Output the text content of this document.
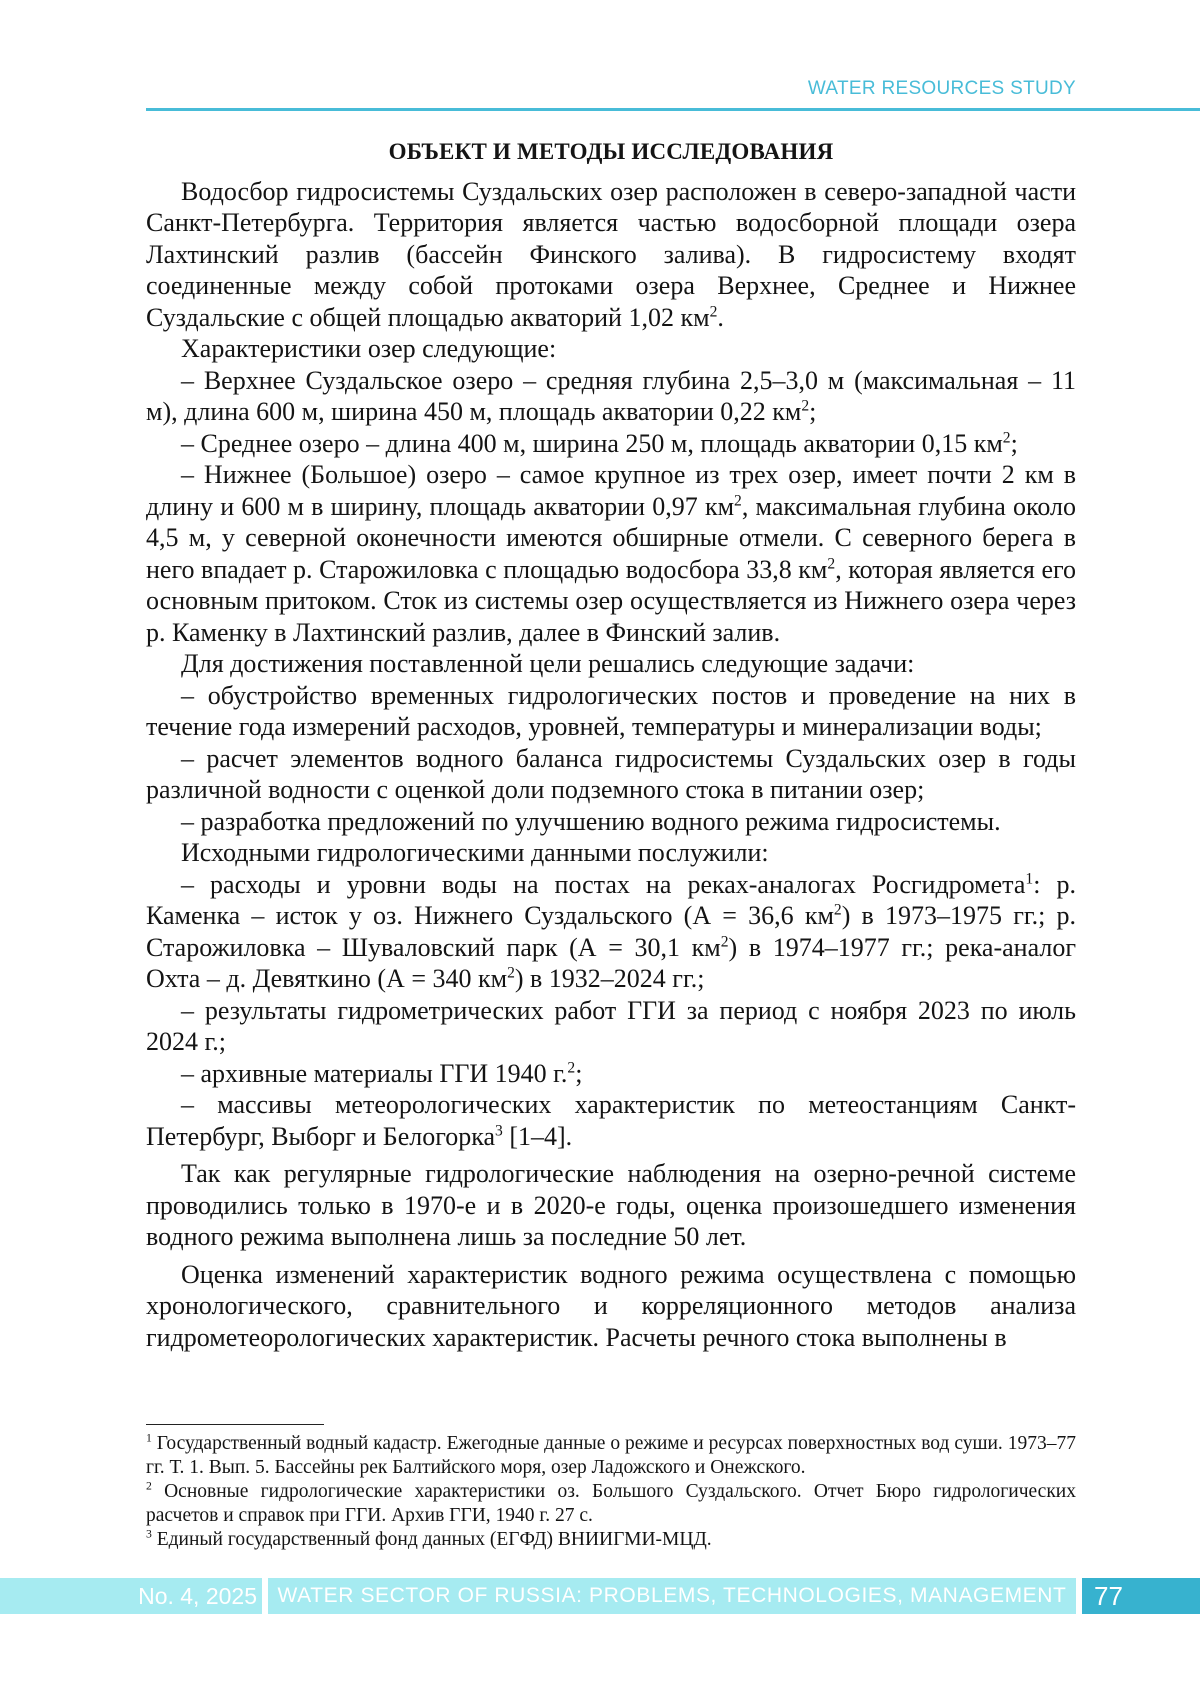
WATER RESOURCES STUDY
ОБЪЕКТ И МЕТОДЫ ИССЛЕДОВАНИЯ

Водосбор гидросистемы Суздальских озер расположен в северо-западной части Санкт-Петербурга. Территория является частью водосборной площади озера Лахтинский разлив (бассейн Финского залива). В гидросистему входят соединенные между собой протоками озера Верхнее, Среднее и Нижнее Суздальские с общей площадью акваторий 1,02 $км^2$.

Характеристики озер следующие:

– Верхнее Суздальское озеро – средняя глубина 2,5–3,0 м (максимальная – 11 м), длина 600 м, ширина 450 м, площадь акватории 0,22 $км^2$;

– Среднее озеро – длина 400 м, ширина 250 м, площадь акватории 0,15 $км^2$;

– Нижнее (Большое) озеро – самое крупное из трех озер, имеет почти 2 км в длину и 600 м в ширину, площадь акватории 0,97 $км^2$, максимальная глубина около 4,5 м, у северной оконечности имеются обширные отмели. С северного берега в него впадает р. Старожиловка с площадью водосбора 33,8 $км^2$, которая является его основным притоком. Сток из системы озер осуществляется из Нижнего озера через р. Каменку в Лахтинский разлив, далее в Финский залив.

Для достижения поставленной цели решались следующие задачи:

– обустройство временных гидрологических постов и проведение на них в течение года измерений расходов, уровней, температуры и минерализации воды;

– расчет элементов водного баланса гидросистемы Суздальских озер в годы различной водности с оценкой доли подземного стока в питании озер;

– разработка предложений по улучшению водного режима гидросистемы.

Исходными гидрологическими данными послужили:

– расходы и уровни воды на постах на реках-аналогах Росгидромета$^1$: р. Каменка – исток у оз. Нижнего Суздальского (А = 36,6 $км^2$) в 1973–1975 гг.; р. Старожиловка – Шуваловский парк (А = 30,1 $км^2$) в 1974–1977 гг.; река-аналог Охта – д. Девяткино (А = 340 $км^2$) в 1932–2024 гг.;

– результаты гидрометрических работ ГГИ за период с ноября 2023 по июль 2024 г.;

– архивные материалы ГГИ 1940 г.$^2$;

– массивы метеорологических характеристик по метеостанциям Санкт-Петербург, Выборг и Белогорка$^3$ [1–4].

Так как регулярные гидрологические наблюдения на озерно-речной системе проводились только в 1970-е и в 2020-е годы, оценка произошедшего изменения водного режима выполнена лишь за последние 50 лет.

Оценка изменений характеристик водного режима осуществлена с помощью хронологического, сравнительного и корреляционного методов анализа гидрометеорологических характеристик. Расчеты речного стока выполнены в

$^1$ Государственный водный кадастр. Ежегодные данные о режиме и ресурсах поверхностных вод суши. 1973–77 гг. Т. 1. Вып. 5. Бассейны рек Балтийского моря, озер Ладожского и Онежского.
$^2$ Основные гидрологические характеристики оз. Большого Суздальского. Отчет Бюро гидрологических расчетов и справок при ГГИ. Архив ГГИ, 1940 г. 27 с.
$^3$ Единый государственный фонд данных (ЕГФД) ВНИИГМИ-МЦД.
No. 4, 2025 WATER SECTOR OF RUSSIA: PROBLEMS, TECHNOLOGIES, MANAGEMENT	77
